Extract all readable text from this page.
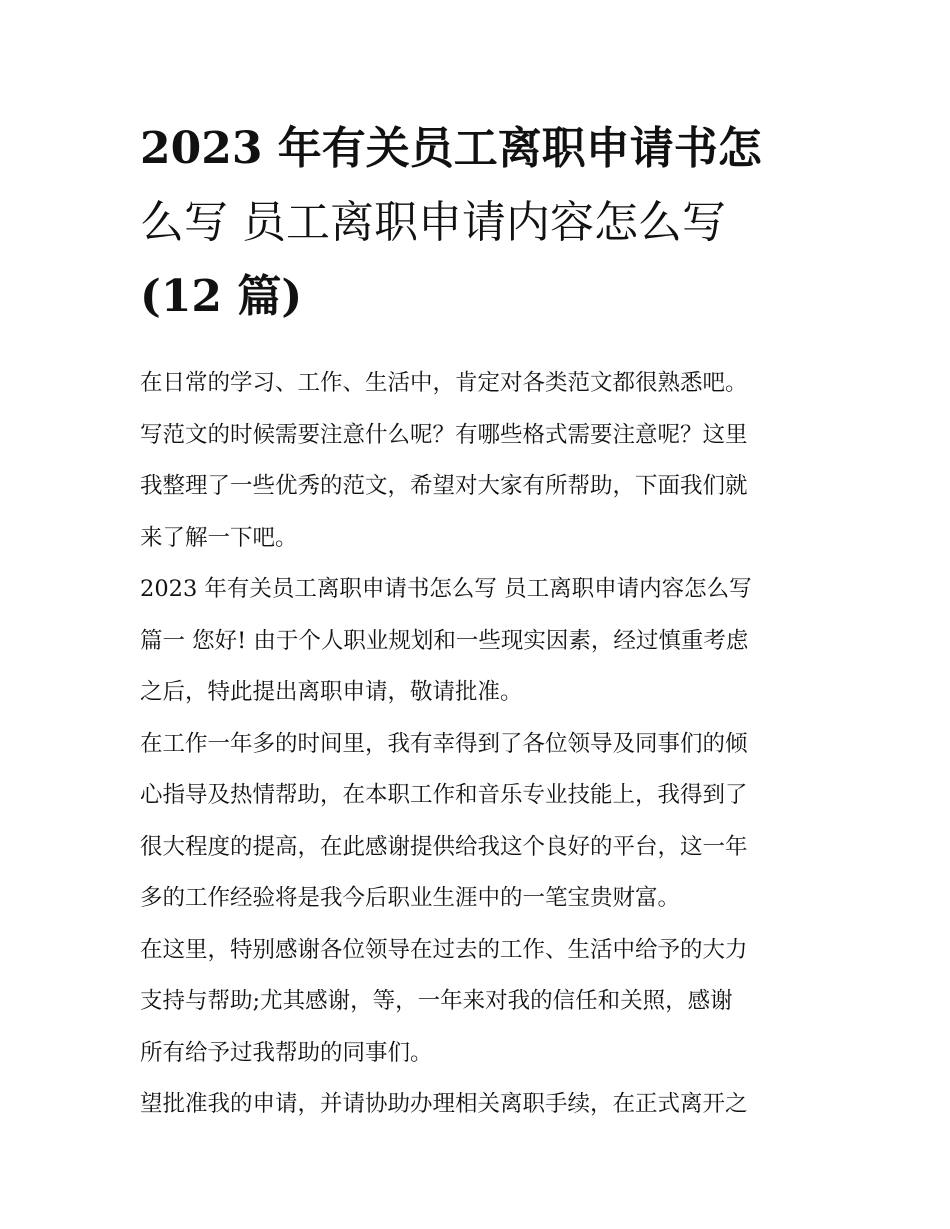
2023 年有关员工离职申请书怎
么写 员工离职申请内容怎么写
(12 篇)
在日常的学习、工作、生活中，肯定对各类范文都很熟悉吧。
写范文的时候需要注意什么呢？有哪些格式需要注意呢？这里
我整理了一些优秀的范文，希望对大家有所帮助，下面我们就
来了解一下吧。
2023 年有关员工离职申请书怎么写 员工离职申请内容怎么写
篇一 您好! 由于个人职业规划和一些现实因素，经过慎重考虑
之后，特此提出离职申请，敬请批准。
在工作一年多的时间里，我有幸得到了各位领导及同事们的倾
心指导及热情帮助，在本职工作和音乐专业技能上，我得到了
很大程度的提高，在此感谢提供给我这个良好的平台，这一年
多的工作经验将是我今后职业生涯中的一笔宝贵财富。
在这里，特别感谢各位领导在过去的工作、生活中给予的大力
支持与帮助;尤其感谢，等，一年来对我的信任和关照，感谢
所有给予过我帮助的同事们。
望批准我的申请，并请协助办理相关离职手续，在正式离开之
